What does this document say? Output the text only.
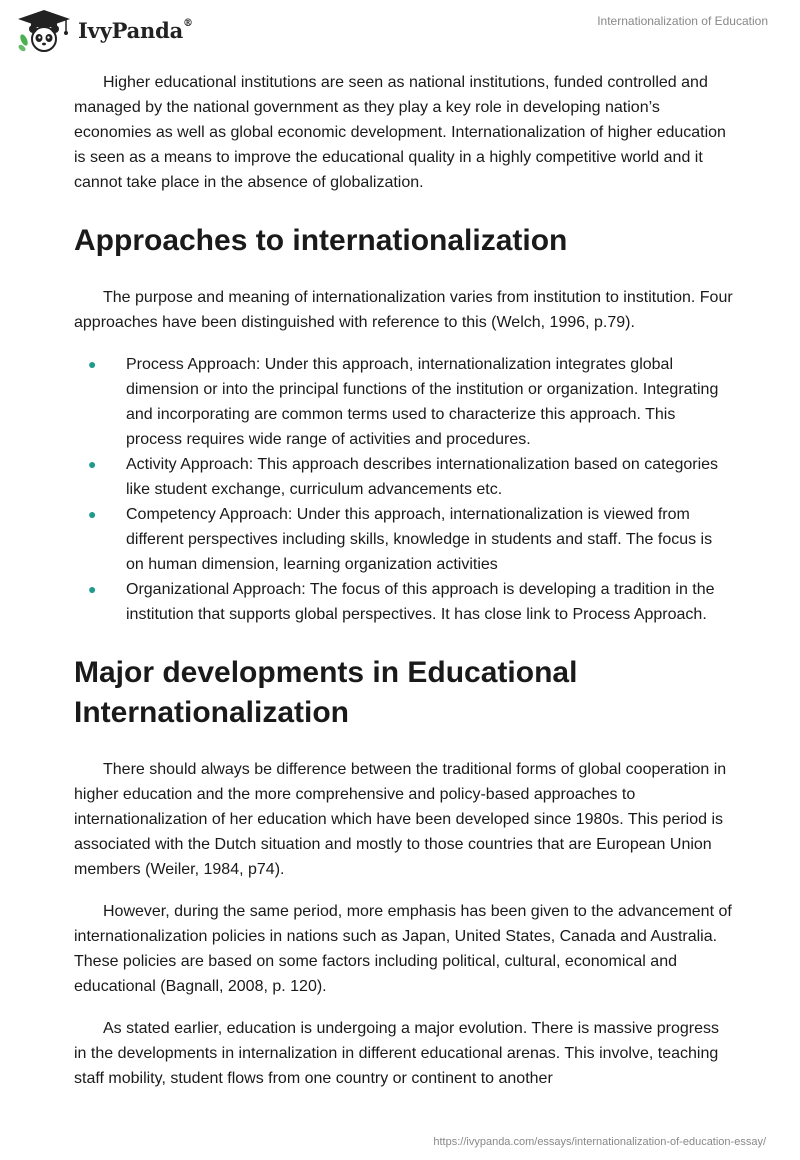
IvyPanda®	Internationalization of Education

Higher educational institutions are seen as national institutions, funded controlled and managed by the national government as they play a key role in developing nation’s economies as well as global economic development. Internationalization of higher education is seen as a means to improve the educational quality in a highly competitive world and it cannot take place in the absence of globalization.

Approaches to internationalization

The purpose and meaning of internationalization varies from institution to institution. Four approaches have been distinguished with reference to this (Welch, 1996, p.79).

● Process Approach: Under this approach, internationalization integrates global dimension or into the principal functions of the institution or organization. Integrating and incorporating are common terms used to characterize this approach. This process requires wide range of activities and procedures.
● Activity Approach: This approach describes internationalization based on categories like student exchange, curriculum advancements etc.
● Competency Approach: Under this approach, internationalization is viewed from different perspectives including skills, knowledge in students and staff. The focus is on human dimension, learning organization activities
● Organizational Approach: The focus of this approach is developing a tradition in the institution that supports global perspectives. It has close link to Process Approach.
Major developments in Educational Internationalization

There should always be difference between the traditional forms of global cooperation in higher education and the more comprehensive and policy-based approaches to internationalization of her education which have been developed since 1980s. This period is associated with the Dutch situation and mostly to those countries that are European Union members (Weiler, 1984, p74).

However, during the same period, more emphasis has been given to the advancement of internationalization policies in nations such as Japan, United States, Canada and Australia. These policies are based on some factors including political, cultural, economical and educational (Bagnall, 2008, p. 120).

As stated earlier, education is undergoing a major evolution. There is massive progress in the developments in internalization in different educational arenas. This involve, teaching staff mobility, student flows from one country or continent to another

https://ivypanda.com/essays/internationalization-of-education-essay/
